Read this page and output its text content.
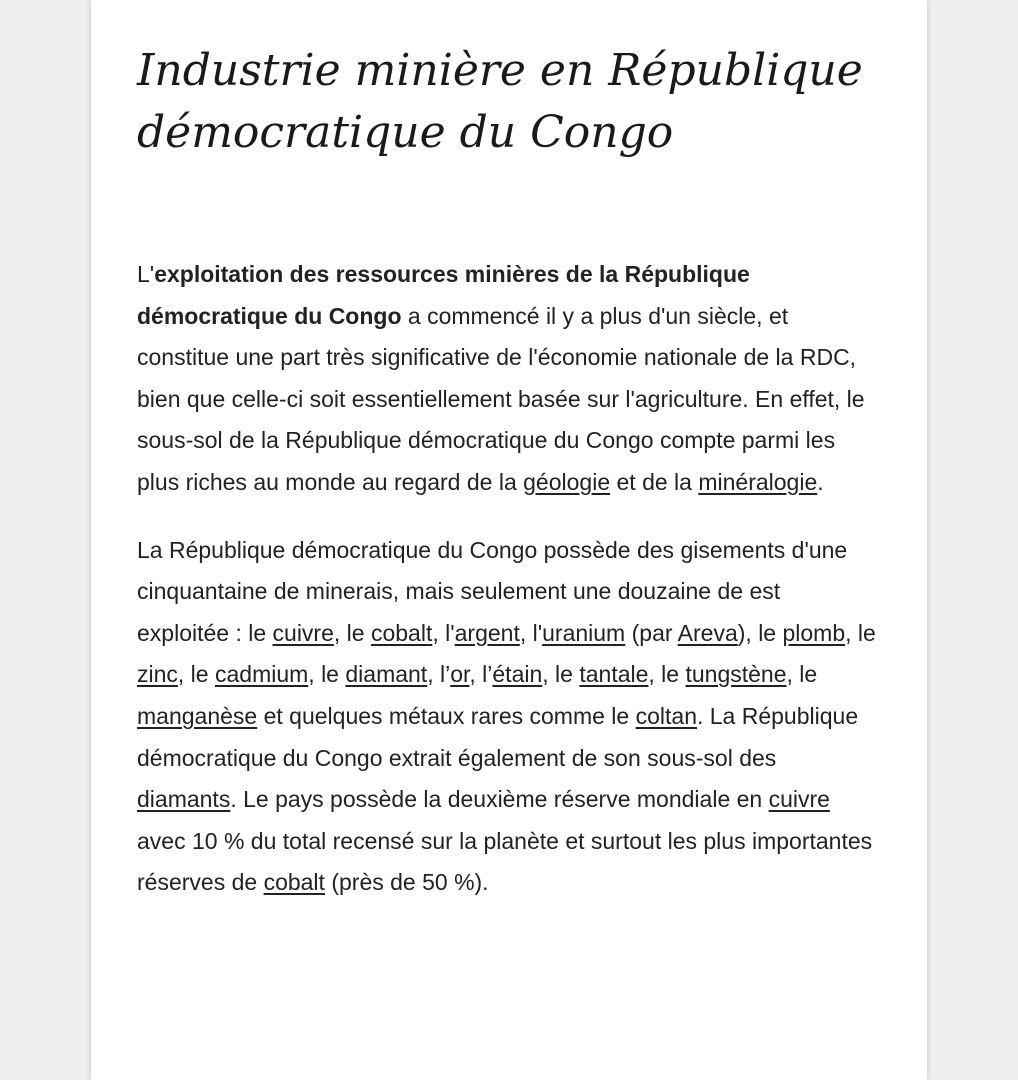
Industrie minière en République démocratique du Congo

L'exploitation des ressources minières de la République démocratique du Congo a commencé il y a plus d'un siècle, et constitue une part très significative de l'économie nationale de la RDC, bien que celle-ci soit essentiellement basée sur l'agriculture. En effet, le sous-sol de la République démocratique du Congo compte parmi les plus riches au monde au regard de la géologie et de la minéralogie.

La République démocratique du Congo possède des gisements d'une cinquantaine de minerais, mais seulement une douzaine de est exploitée : le cuivre, le cobalt, l'argent, l'uranium (par Areva), le plomb, le zinc, le cadmium, le diamant, l’or, l’étain, le tantale, le tungstène, le manganèse et quelques métaux rares comme le coltan. La République démocratique du Congo extrait également de son sous-sol des diamants. Le pays possède la deuxième réserve mondiale en cuivre avec 10 % du total recensé sur la planète et surtout les plus importantes réserves de cobalt (près de 50 %).
